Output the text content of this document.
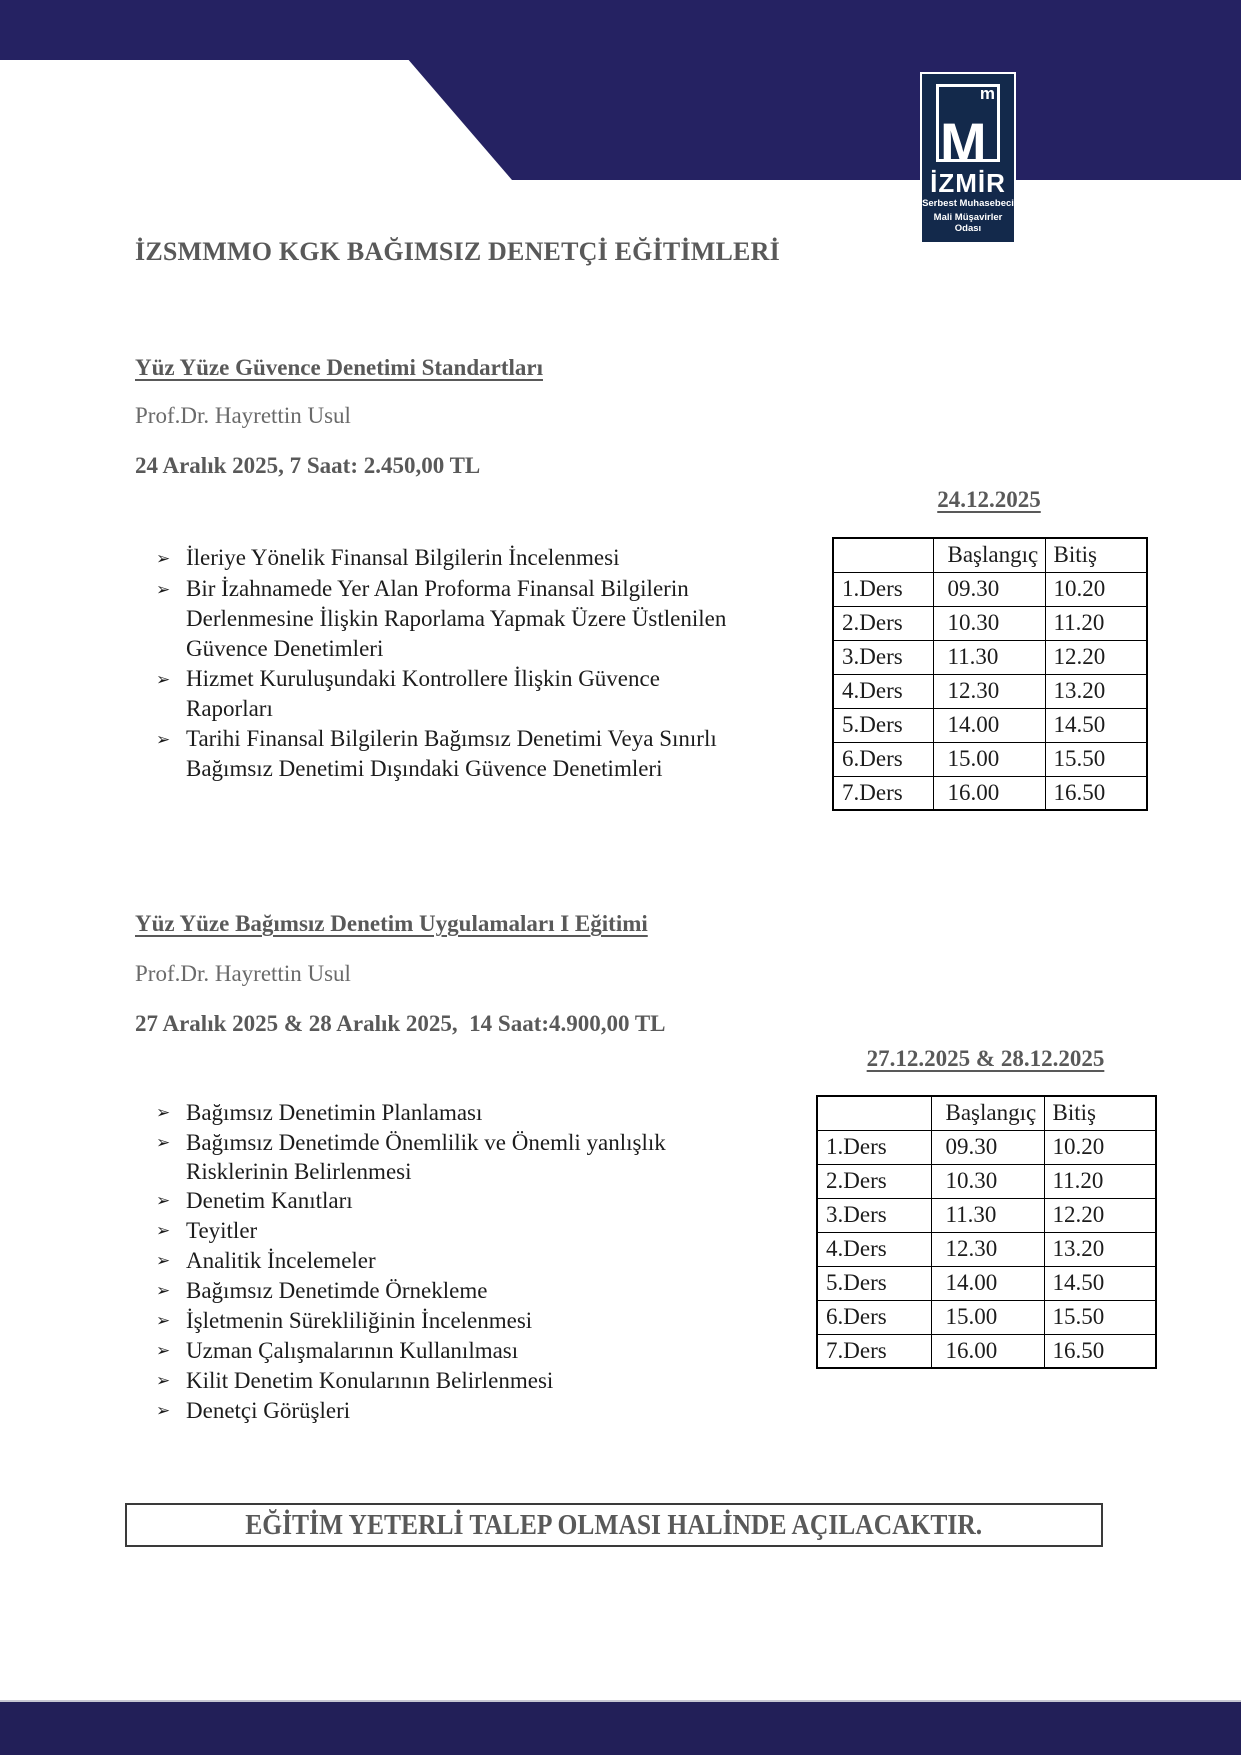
m
M
İZMİR
Serbest Muhasebeci
Mali Müşavirler Odası
İZSMMMO KGK BAĞIMSIZ DENETÇİ EĞİTİMLERİ
Yüz Yüze Güvence Denetimi Standartları
Prof.Dr. Hayrettin Usul
24 Aralık 2025, 7 Saat: 2.450,00 TL
24.12.2025
➢ İleriye Yönelik Finansal Bilgilerin İncelenmesi
➢ Bir İzahnamede Yer Alan Proforma Finansal Bilgilerin Derlenmesine İlişkin Raporlama Yapmak Üzere Üstlenilen Güvence Denetimleri
➢ Hizmet Kuruluşundaki Kontrollere İlişkin Güvence Raporları
➢ Tarihi Finansal Bilgilerin Bağımsız Denetimi Veya Sınırlı Bağımsız Denetimi Dışındaki Güvence Denetimleri
	Başlangıç	Bitiş
1.Ders	09.30	10.20
2.Ders	10.30	11.20
3.Ders	11.30	12.20
4.Ders	12.30	13.20
5.Ders	14.00	14.50
6.Ders	15.00	15.50
7.Ders	16.00	16.50
Yüz Yüze Bağımsız Denetim Uygulamaları I Eğitimi
Prof.Dr. Hayrettin Usul
27 Aralık 2025 & 28 Aralık 2025,  14 Saat:4.900,00 TL
27.12.2025 & 28.12.2025
➢ Bağımsız Denetimin Planlaması
➢ Bağımsız Denetimde Önemlilik ve Önemli yanlışlık Risklerinin Belirlenmesi
➢ Denetim Kanıtları
➢ Teyitler
➢ Analitik İncelemeler
➢ Bağımsız Denetimde Örnekleme
➢ İşletmenin Sürekliliğinin İncelenmesi
➢ Uzman Çalışmalarının Kullanılması
➢ Kilit Denetim Konularının Belirlenmesi
➢ Denetçi Görüşleri
	Başlangıç	Bitiş
1.Ders	09.30	10.20
2.Ders	10.30	11.20
3.Ders	11.30	12.20
4.Ders	12.30	13.20
5.Ders	14.00	14.50
6.Ders	15.00	15.50
7.Ders	16.00	16.50
EĞİTİM YETERLİ TALEP OLMASI HALİNDE AÇILACAKTIR.
